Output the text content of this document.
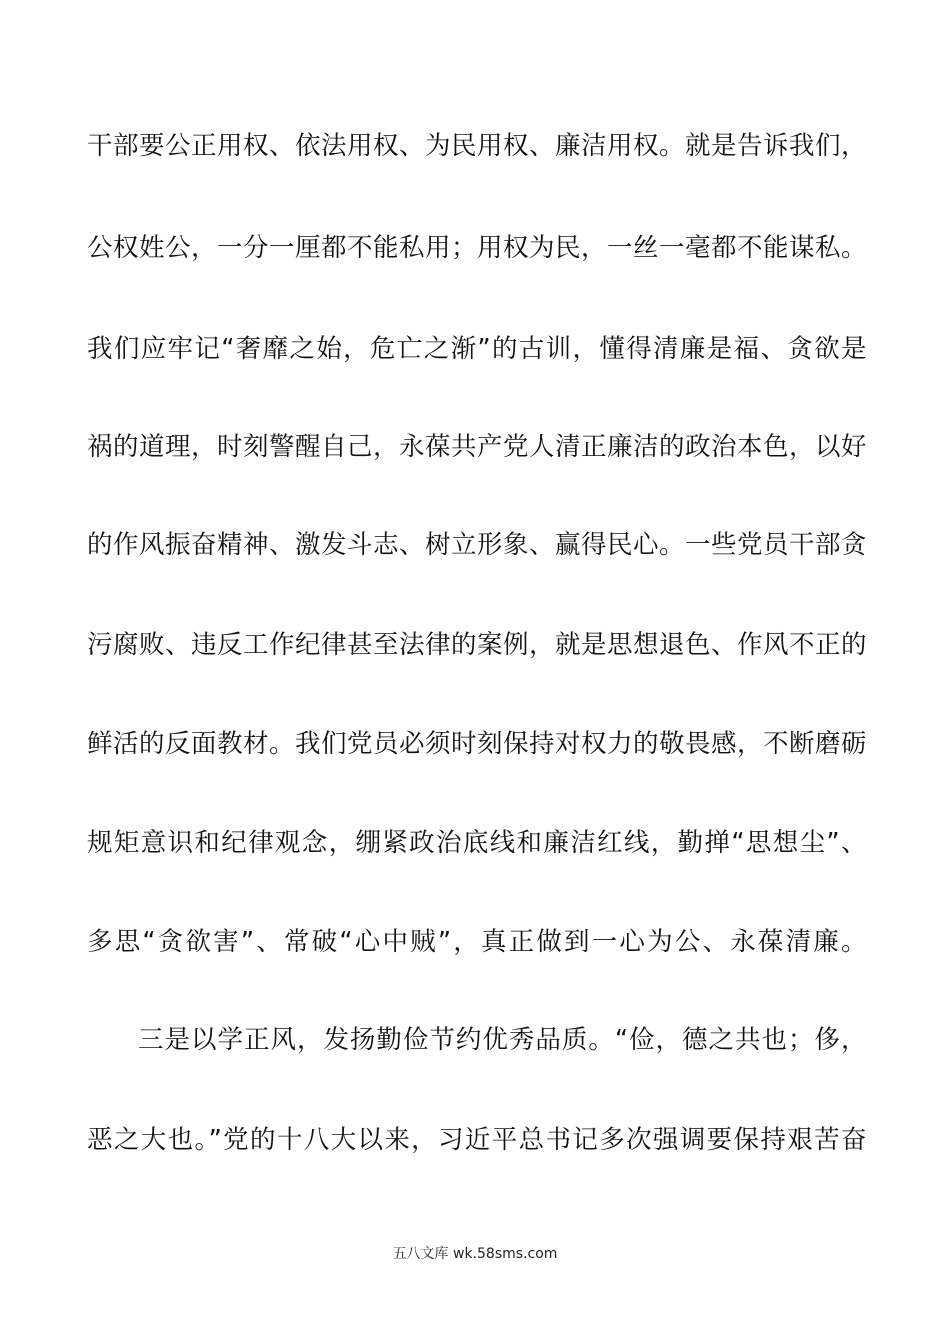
干部要公正用权、依法用权、为民用权、廉洁用权。就是告诉我们，
公权姓公，一分一厘都不能私用；用权为民，一丝一毫都不能谋私。
我们应牢记“奢靡之始，危亡之渐”的古训，懂得清廉是福、贪欲是
祸的道理，时刻警醒自己，永葆共产党人清正廉洁的政治本色，以好
的作风振奋精神、激发斗志、树立形象、赢得民心。一些党员干部贪
污腐败、违反工作纪律甚至法律的案例，就是思想退色、作风不正的
鲜活的反面教材。我们党员必须时刻保持对权力的敬畏感，不断磨砺
规矩意识和纪律观念，绷紧政治底线和廉洁红线，勤掸“思想尘”、
多思“贪欲害”、常破“心中贼”，真正做到一心为公、永葆清廉。
三是以学正风，发扬勤俭节约优秀品质。“俭，德之共也；侈，
恶之大也。”党的十八大以来，习近平总书记多次强调要保持艰苦奋
五八文库 wk.58sms.com
